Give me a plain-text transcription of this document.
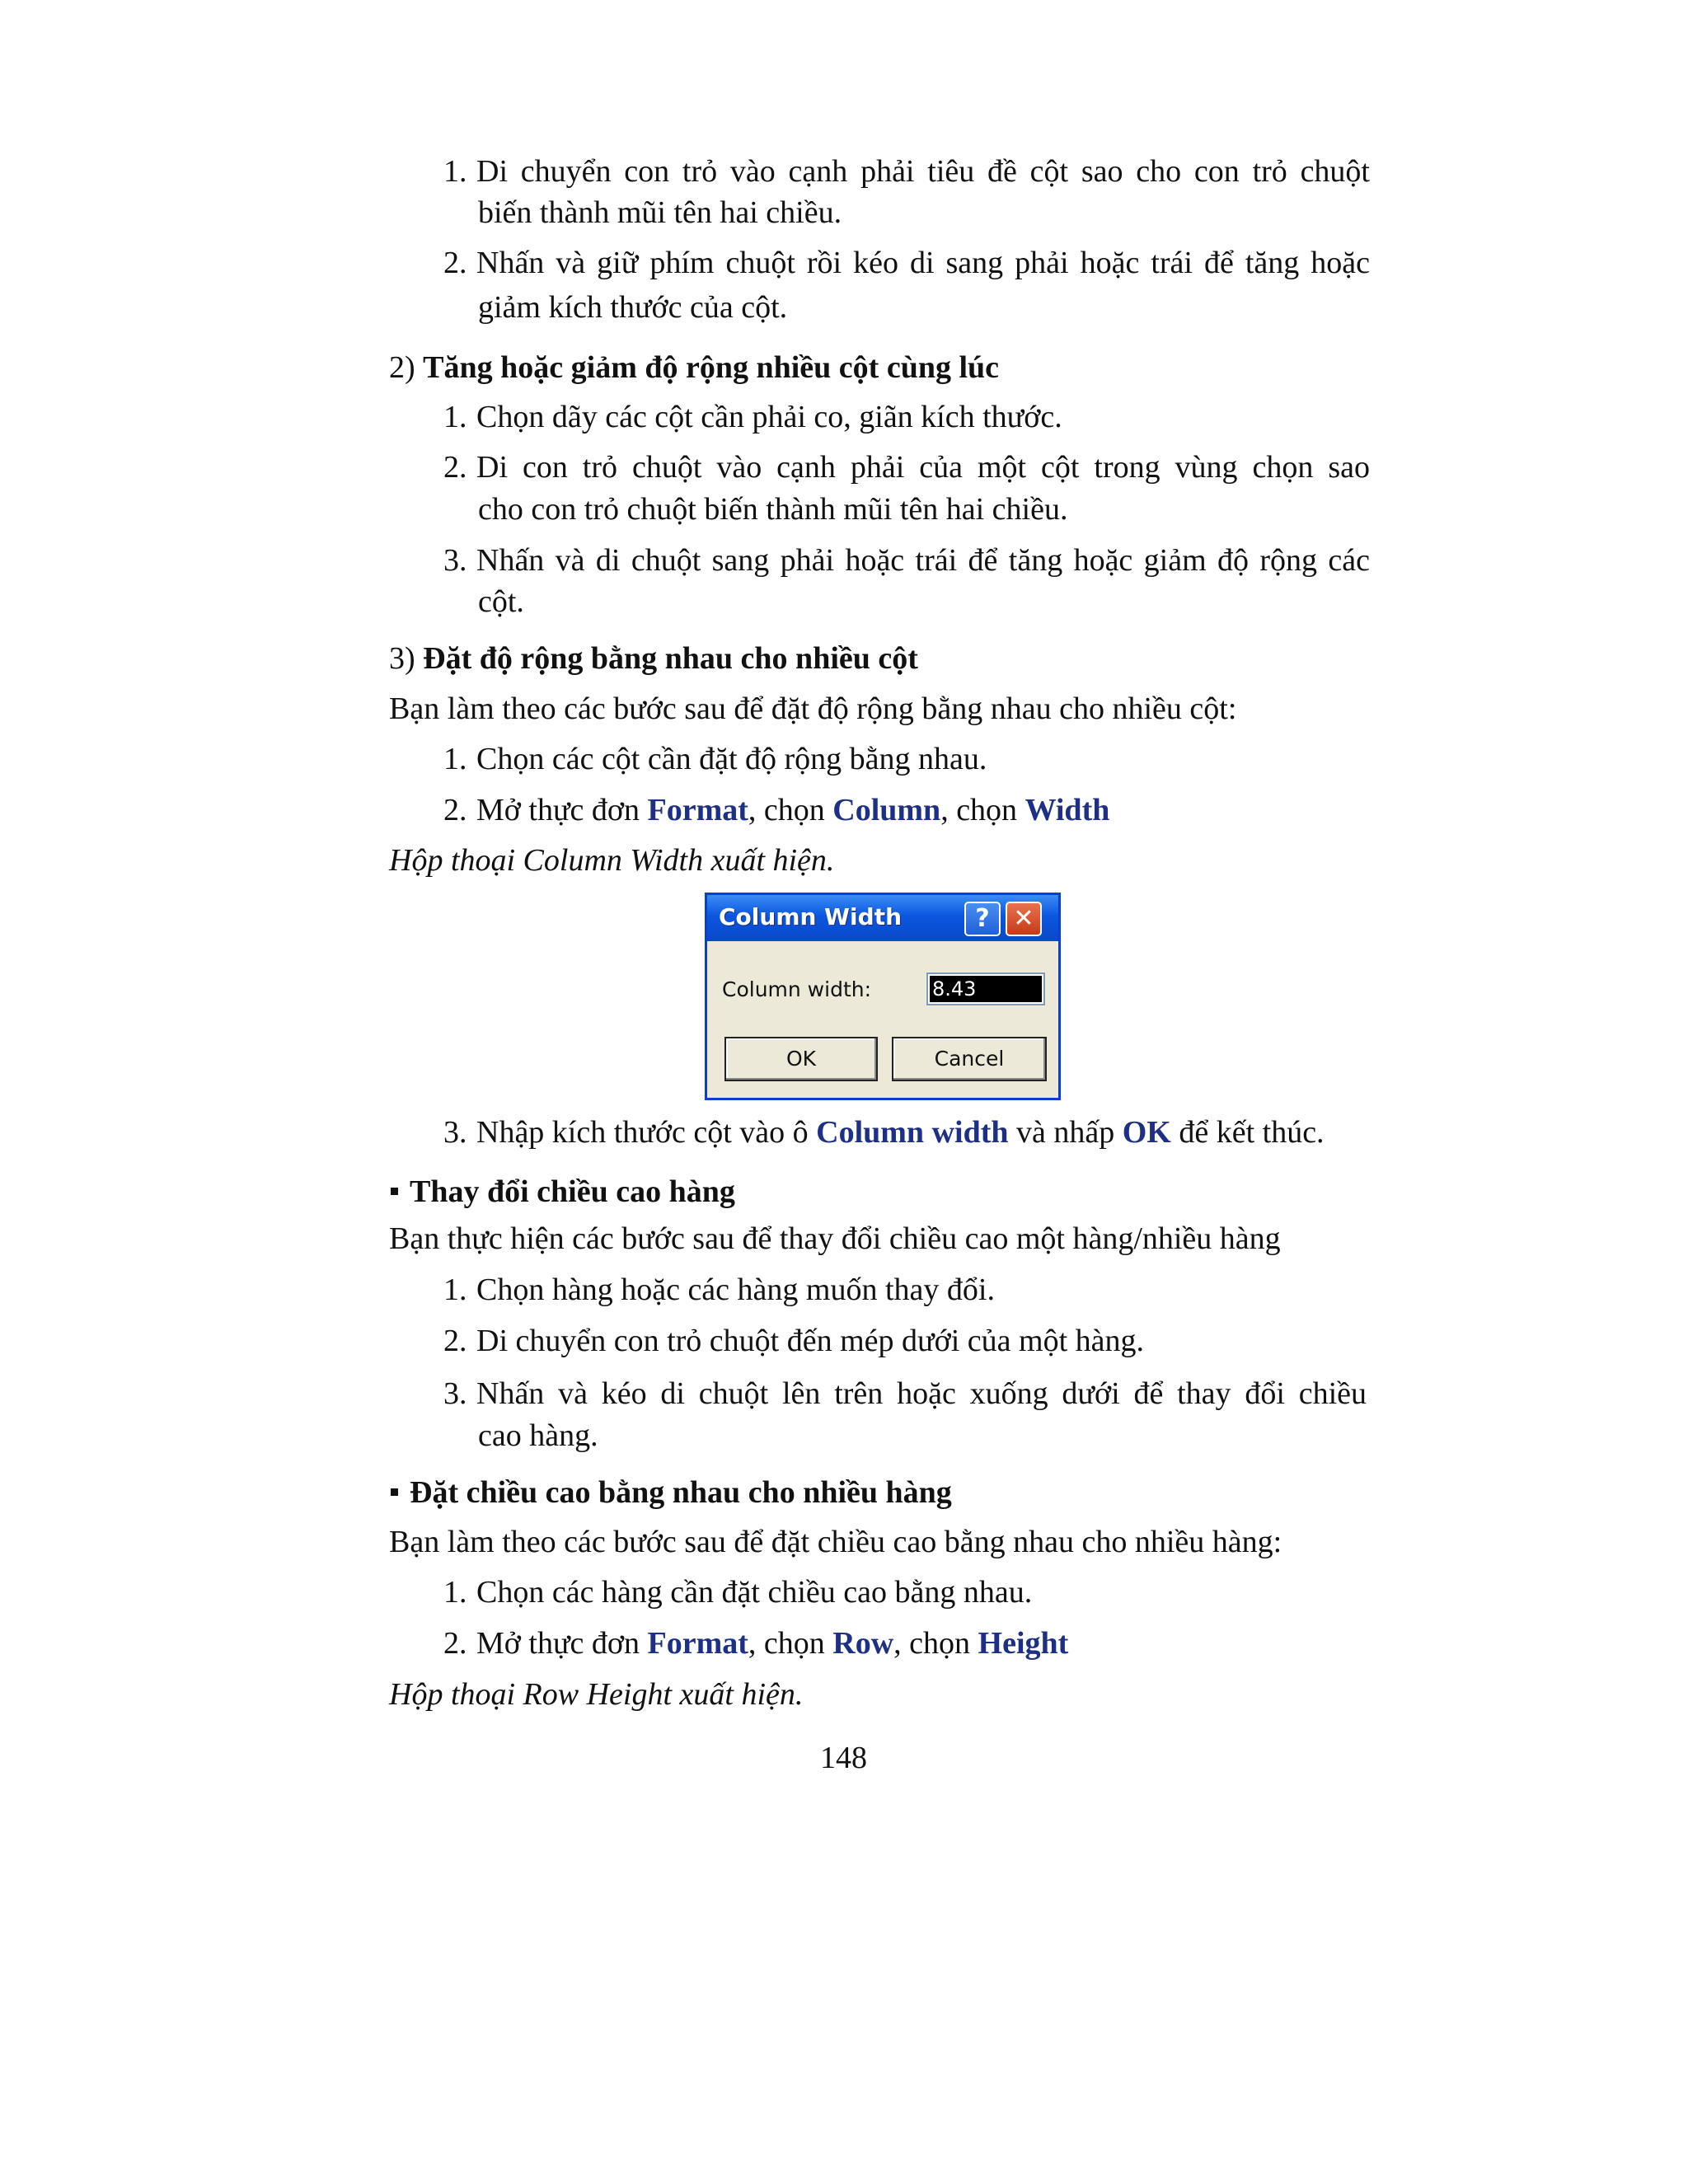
1. Di chuyển con trỏ vào cạnh phải tiêu đề cột sao cho con trỏ chuột
biến thành mũi tên hai chiều.
2. Nhấn và giữ phím chuột rồi kéo di sang phải hoặc trái để tăng hoặc
giảm kích thước của cột.
2) Tăng hoặc giảm độ rộng nhiều cột cùng lúc
1. Chọn dãy các cột cần phải co, giãn kích thước.
2. Di con trỏ chuột vào cạnh phải của một cột trong vùng chọn sao
cho con trỏ chuột biến thành mũi tên hai chiều.
3. Nhấn và di chuột sang phải hoặc trái để tăng hoặc giảm độ rộng các
cột.
3) Đặt độ rộng bằng nhau cho nhiều cột
Bạn làm theo các bước sau để đặt độ rộng bằng nhau cho nhiều cột:
1. Chọn các cột cần đặt độ rộng bằng nhau.
2. Mở thực đơn Format, chọn Column, chọn Width
Hộp thoại Column Width xuất hiện.
Column Width	? ✕
Column width:	8.43
OK	Cancel
3. Nhập kích thước cột vào ô Column width và nhấp OK để kết thúc.
Thay đổi chiều cao hàng
Bạn thực hiện các bước sau để thay đổi chiều cao một hàng/nhiều hàng
1. Chọn hàng hoặc các hàng muốn thay đổi.
2. Di chuyển con trỏ chuột đến mép dưới của một hàng.
3. Nhấn và kéo di chuột lên trên hoặc xuống dưới để thay đổi chiều
cao hàng.
Đặt chiều cao bằng nhau cho nhiều hàng
Bạn làm theo các bước sau để đặt chiều cao bằng nhau cho nhiều hàng:
1. Chọn các hàng cần đặt chiều cao bằng nhau.
2. Mở thực đơn Format, chọn Row, chọn Height
Hộp thoại Row Height xuất hiện.
148
